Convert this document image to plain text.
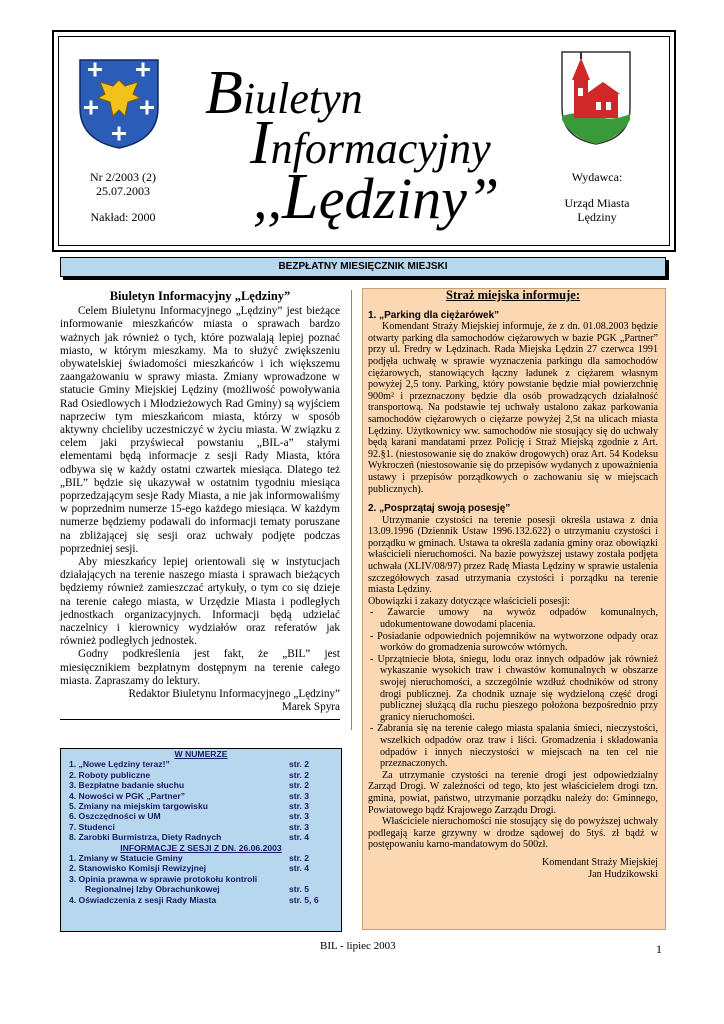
Biuletyn
Informacyjny
,,Lędziny”
Nr 2/2003 (2)
25.07.2003
Nakład: 2000
Wydawca:
Urząd Miasta
Lędziny
BEZPŁATNY MIESIĘCZNIK MIEJSKI
Biuletyn Informacyjny „Lędziny”

Celem Biuletynu Informacyjnego „Lędziny” jest bieżące informowanie mieszkańców miasta o sprawach bardzo ważnych jak również o tych, które pozwalają lepiej poznać miasto, w którym mieszkamy. Ma to służyć zwiększeniu obywatelskiej świadomości mieszkańców i ich większemu zaangażowaniu w sprawy miasta. Zmiany wprowadzone w statucie Gminy Miejskiej Lędziny (możliwość powoływania Rad Osiedlowych i Młodzieżowych Rad Gminy) są wyjściem naprzeciw tym mieszkańcom miasta, którzy w sposób aktywny chcieliby uczestniczyć w życiu miasta. W związku z celem jaki przyświecał powstaniu „BIL-a” stałymi elementami będą informacje z sesji Rady Miasta, która odbywa się w każdy ostatni czwartek miesiąca. Dlatego też „BIL” będzie się ukazywał w ostatnim tygodniu miesiąca poprzedzającym sesje Rady Miasta, a nie jak informowaliśmy w poprzednim numerze 15-ego każdego miesiąca. W każdym numerze będziemy podawali do informacji tematy poruszane na zbliżającej się sesji oraz uchwały podjęte podczas poprzedniej sesji.

Aby mieszkańcy lepiej orientowali się w instytucjach działających na terenie naszego miasta i sprawach bieżących będziemy również zamieszczać artykuły, o tym co się dzieje na terenie całego miasta, w Urzędzie Miasta i podległych jednostkach organizacyjnych. Informacji będą udzielać naczelnicy i kierownicy wydziałów oraz referatów jak również podległych jednostek.

Godny podkreślenia jest fakt, że „BIL” jest miesięcznikiem bezpłatnym dostępnym na terenie całego miasta. Zapraszamy do lektury.

Redaktor Biuletynu Informacyjnego „Lędziny”
Marek Spyra
W NUMERZE
1. „Nowe Lędziny teraz!”	str. 2
2. Roboty publiczne	str. 2
3. Bezpłatne badanie słuchu	str. 2
4. Nowości w PGK „Partner”	str. 3
5. Zmiany na miejskim targowisku	str. 3
6. Oszczędności w UM	str. 3
7. Studenci	str. 3
8. Zarobki Burmistrza, Diety Radnych	str. 4
INFORMACJE Z SESJI Z DN. 26.06.2003
1. Zmiany w Statucie Gminy	str. 2
2. Stanowisko Komisji Rewizyjnej	str. 4
3. Opinia prawna w sprawie protokołu kontroli
Regionalnej Izby Obrachunkowej	str. 5
4. Oświadczenia z sesji Rady Miasta	str. 5, 6
Straż miejska informuje:
1. „Parking dla ciężarówek”

Komendant Straży Miejskiej informuje, że z dn. 01.08.2003 będzie otwarty parking dla samochodów ciężarowych w bazie PGK „Partner” przy ul. Fredry w Lędzinach. Rada Miejska Lędzin 27 czerwca 1991 podjęła uchwałę w sprawie wyznaczenia parkingu dla samochodów ciężarowych, stanowiących łączny ładunek z ciężarem własnym powyżej 2,5 tony. Parking, który powstanie będzie miał powierzchnię 900m² i przeznaczony będzie dla osób prowadzących działalność transportową. Na podstawie tej uchwały ustalono zakaz parkowania samochodów ciężarowych o ciężarze powyżej 2,5t na ulicach miasta Lędziny. Użytkownicy ww. samochodów nie stosujący się do uchwały będą karani mandatami przez Policję i Straż Miejską zgodnie z Art. 92.§1. (niestosowanie się do znaków drogowych) oraz Art. 54 Kodeksu Wykroczeń (niestosowanie się do przepisów wydanych z upoważnienia ustawy i przepisów porządkowych o zachowaniu się w miejscach publicznych).

2. „Posprzątaj swoją posesję”

Utrzymanie czystości na terenie posesji określa ustawa z dnia 13.09.1996 (Dziennik Ustaw 1996.132.622) o utrzymaniu czystości i porządku w gminach. Ustawa ta określa zadania gminy oraz obowiązki właścicieli nieruchomości. Na bazie powyższej ustawy została podjęta uchwała (XLIV/08/97) przez Radę Miasta Lędziny w sprawie ustalenia szczegółowych zasad utrzymania czystości i porządku na terenie miasta Lędziny.

Obowiązki i zakazy dotyczące właścicieli posesji:
- Zawarcie umowy na wywóz odpadów komunalnych, udokumentowane dowodami placenia.
- Posiadanie odpowiednich pojemników na wytworzone odpady oraz worków do gromadzenia surowców wtórnych.
- Uprzątniecie błota, śniegu, lodu oraz innych odpadów jak również wykaszanie wysokich traw i chwastów komunalnych w obszarze swojej nieruchomości, a szczególnie wzdłuż chodników od strony drogi publicznej. Za chodnik uznaje się wydzieloną część drogi publicznej służącą dla ruchu pieszego położona bezpośrednio przy granicy nieruchomości.
- Zabrania się na terenie całego miasta spalania śmieci, nieczystości, wszelkich odpadów oraz traw i liści. Gromadzenia i składowania odpadów i innych nieczystości w miejscach na ten cel nie przeznaczonych.

Za utrzymanie czystości na terenie drogi jest odpowiedzialny Zarząd Drogi. W zależności od tego, kto jest właścicielem drogi tzn. gmina, powiat, państwo, utrzymanie porządku należy do: Gminnego, Powiatowego bądź Krajowego Zarządu Drogi.

Właściciele nieruchomości nie stosujący się do powyższej uchwały podlegają karze grzywny w drodze sądowej do 5tyś. zł bądź w postępowaniu karno-mandatowym do 500zł.

Komendant Straży Miejskiej
Jan Hudzikowski
BIL - lipiec 2003	1
